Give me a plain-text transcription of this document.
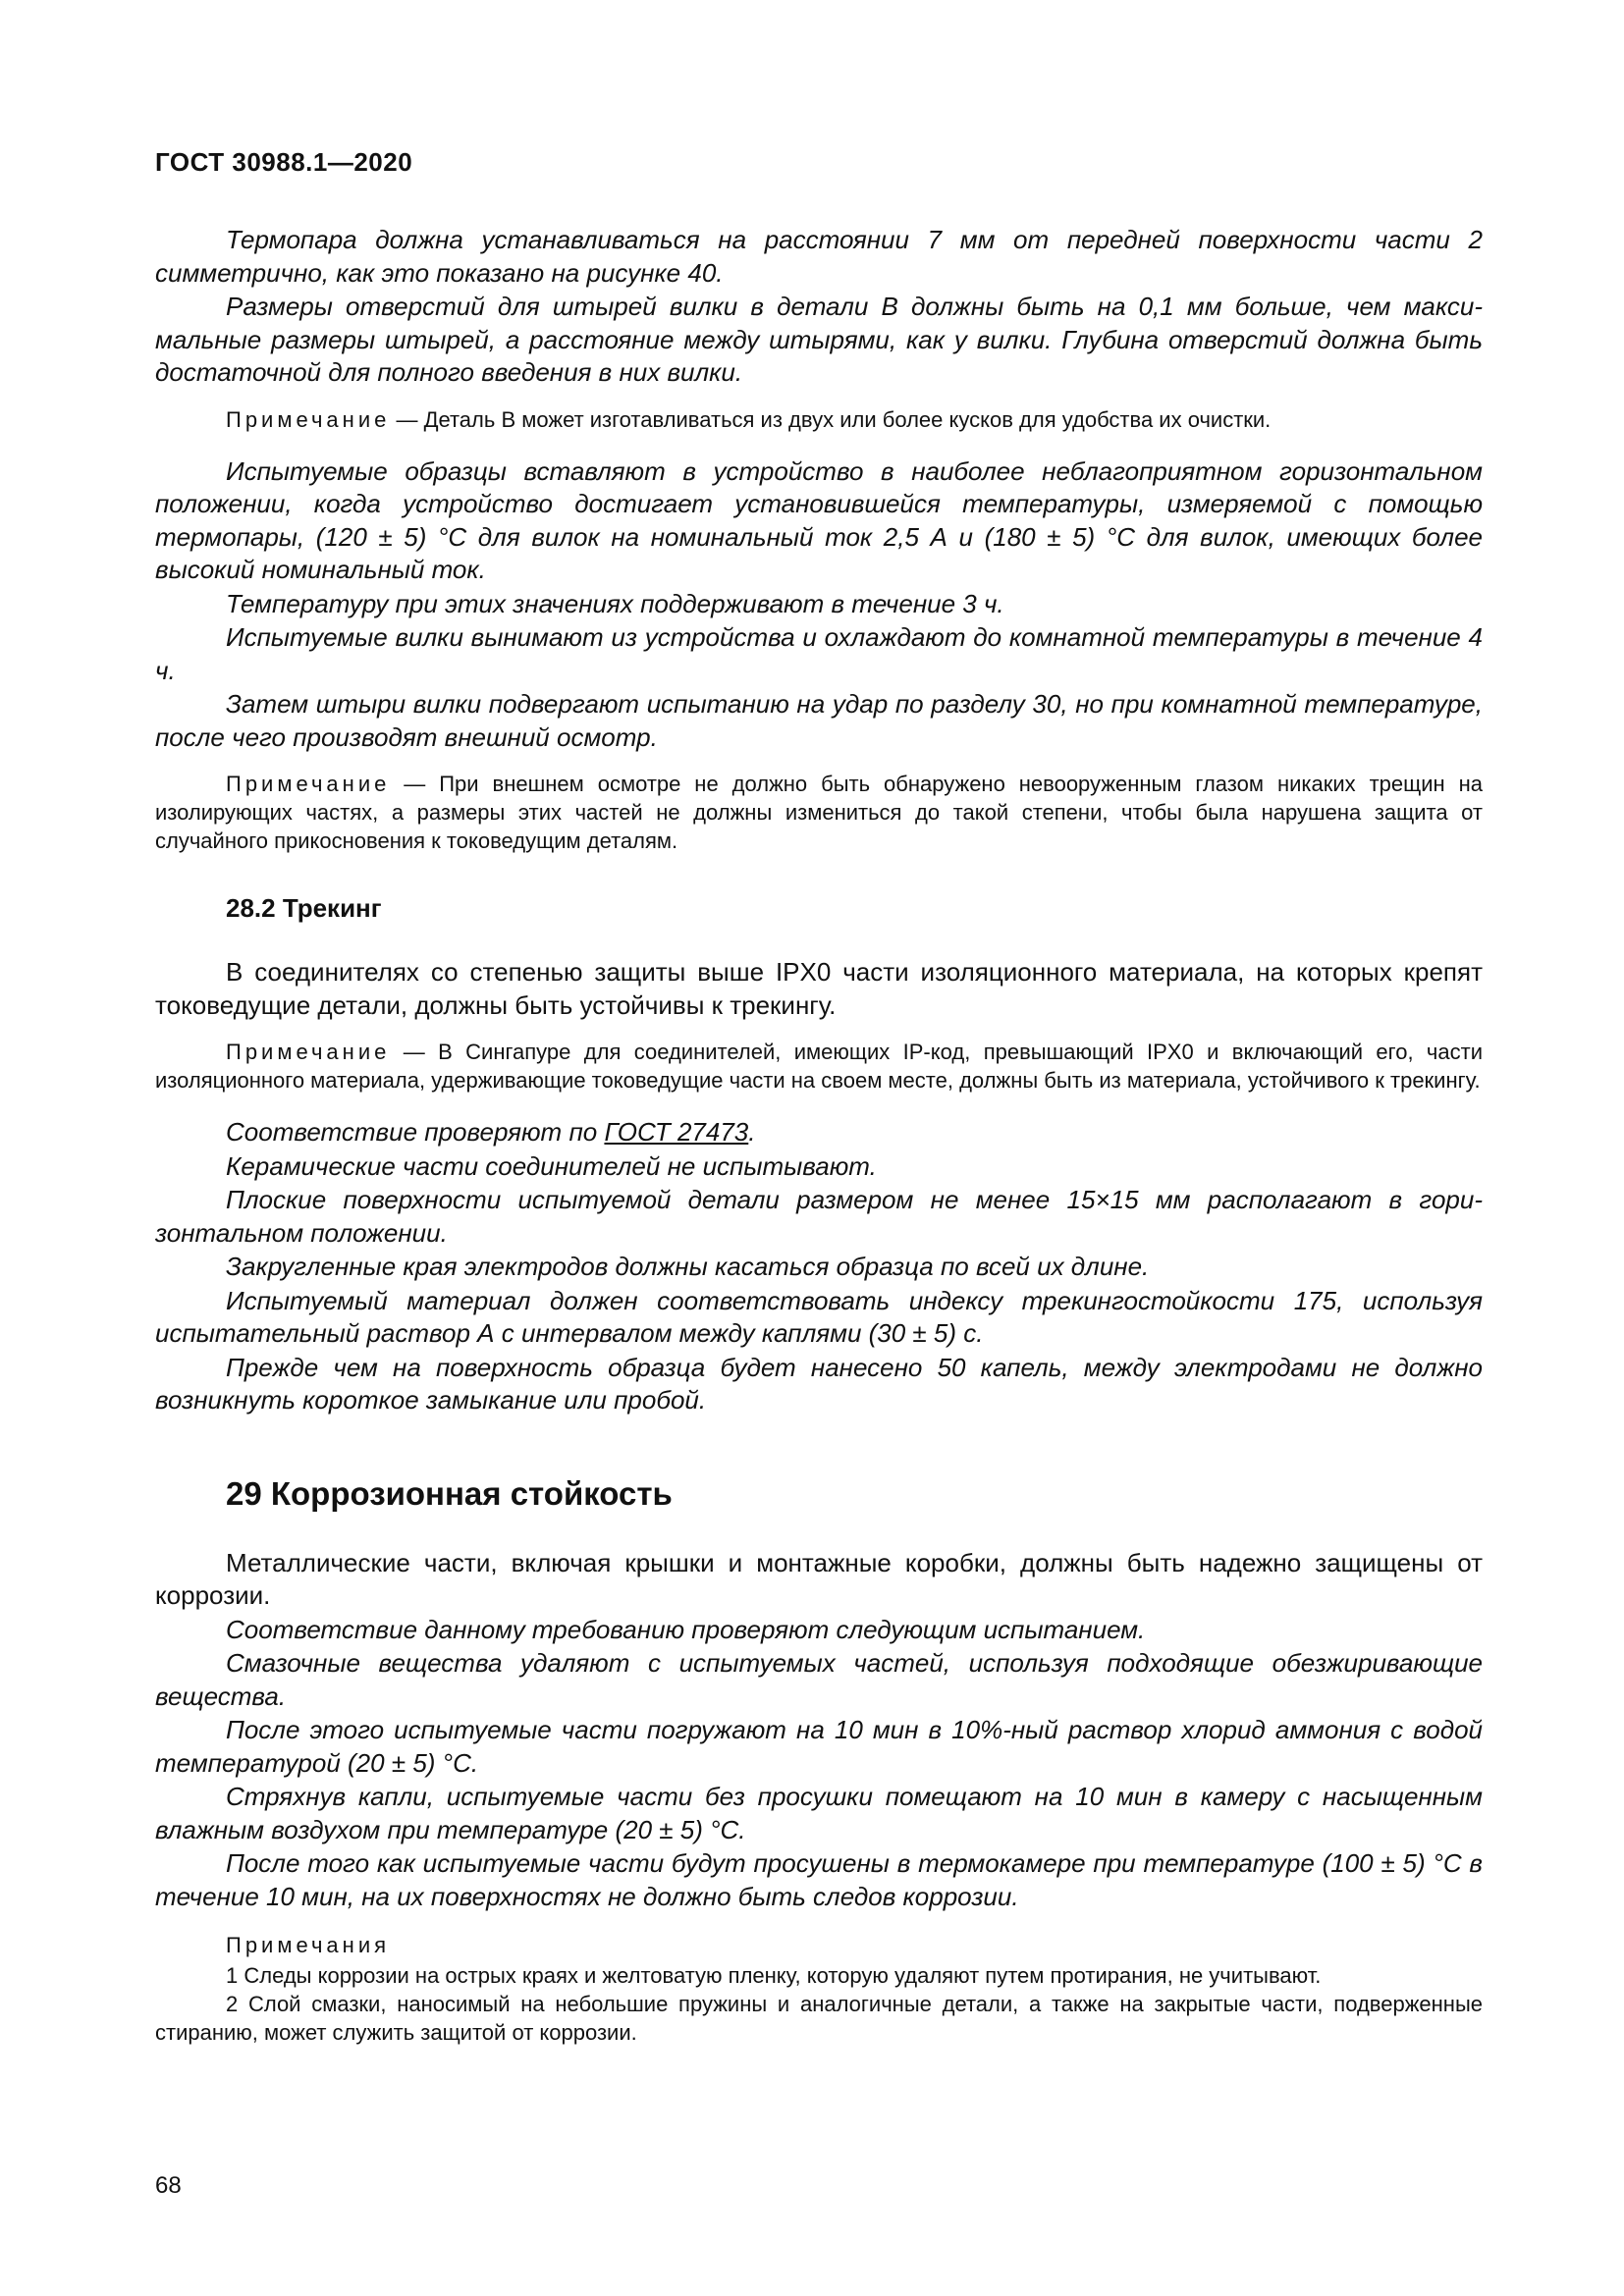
ГОСТ 30988.1—2020

Термопара должна устанавливаться на расстоянии 7 мм от передней поверхности части 2 симметрично, как это показано на рисунке 40.

Размеры отверстий для штырей вилки в детали В должны быть на 0,1 мм больше, чем максимальные размеры штырей, а расстояние между штырями, как у вилки. Глубина отверстий должна быть достаточной для полного введения в них вилки.

Примечание — Деталь В может изготавливаться из двух или более кусков для удобства их очистки.

Испытуемые образцы вставляют в устройство в наиболее неблагоприятном горизонтальном положении, когда устройство достигает установившейся температуры, измеряемой с помощью термопары, (120 ± 5) °С для вилок на номинальный ток 2,5 А и (180 ± 5) °С для вилок, имеющих более высокий номинальный ток.

Температуру при этих значениях поддерживают в течение 3 ч.

Испытуемые вилки вынимают из устройства и охлаждают до комнатной температуры в течение 4 ч.

Затем штыри вилки подвергают испытанию на удар по разделу 30, но при комнатной температуре, после чего производят внешний осмотр.

Примечание — При внешнем осмотре не должно быть обнаружено невооруженным глазом никаких трещин на изолирующих частях, а размеры этих частей не должны измениться до такой степени, чтобы была нарушена защита от случайного прикосновения к токоведущим деталям.

28.2 Трекинг

В соединителях со степенью защиты выше IPX0 части изоляционного материала, на которых крепят токоведущие детали, должны быть устойчивы к трекингу.

Примечание — В Сингапуре для соединителей, имеющих IP-код, превышающий IPX0 и включающий его, части изоляционного материала, удерживающие токоведущие части на своем месте, должны быть из материала, устойчивого к трекингу.

Соответствие проверяют по ГОСТ 27473.

Керамические части соединителей не испытывают.

Плоские поверхности испытуемой детали размером не менее 15×15 мм располагают в горизонтальном положении.

Закругленные края электродов должны касаться образца по всей их длине.

Испытуемый материал должен соответствовать индексу трекингостойкости 175, используя испытательный раствор А с интервалом между каплями (30 ± 5) с.

Прежде чем на поверхность образца будет нанесено 50 капель, между электродами не должно возникнуть короткое замыкание или пробой.

29 Коррозионная стойкость

Металлические части, включая крышки и монтажные коробки, должны быть надежно защищены от коррозии.

Соответствие данному требованию проверяют следующим испытанием.

Смазочные вещества удаляют с испытуемых частей, используя подходящие обезжиривающие вещества.

После этого испытуемые части погружают на 10 мин в 10%-ный раствор хлорид аммония с водой температурой (20 ± 5) °С.

Стряхнув капли, испытуемые части без просушки помещают на 10 мин в камеру с насыщенным влажным воздухом при температуре (20 ± 5) °С.

После того как испытуемые части будут просушены в термокамере при температуре (100 ± 5) °С в течение 10 мин, на их поверхностях не должно быть следов коррозии.

Примечания

1 Следы коррозии на острых краях и желтоватую пленку, которую удаляют путем протирания, не учитывают.

2 Слой смазки, наносимый на небольшие пружины и аналогичные детали, а также на закрытые части, подверженные стиранию, может служить защитой от коррозии.

68
